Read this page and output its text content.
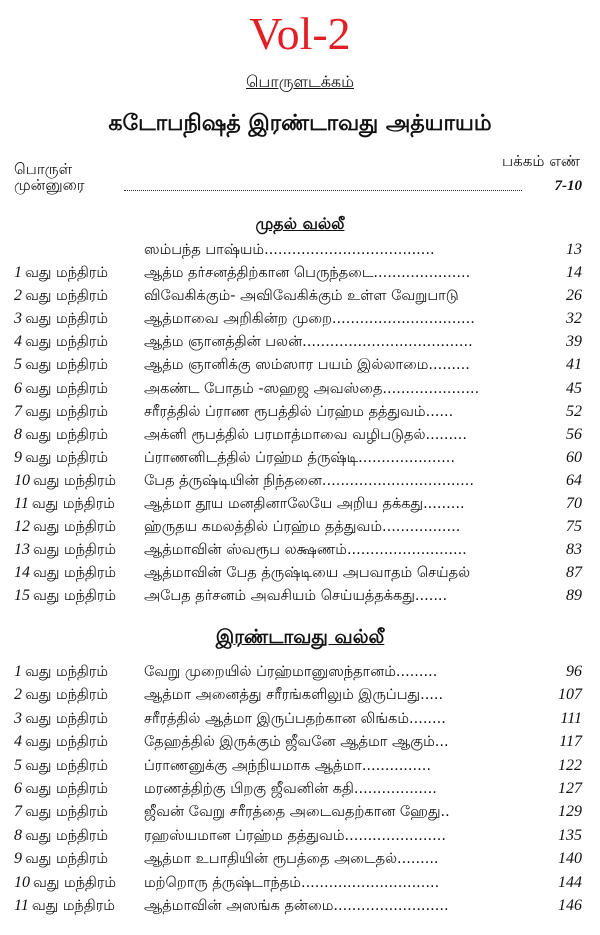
Vol-2
பொருளடக்கம்
கடோபநிஷத் இரண்டாவது அத்யாயம்
பொருள்	பக்கம் எண்
முன்னுரை	7-10
முதல் வல்லீ
ஸம்பந்த பாஷ்யம்.....................................	13
1 வது மந்திரம் ஆத்ம தர்சனத்திற்கான பெருந்தடை.....................	14
2 வது மந்திரம் விவேகிக்கும்- அவிவேகிக்கும் உள்ள வேறுபாடு	26
3 வது மந்திரம் ஆத்மாவை அறிகின்ற முறை...............................	32
4 வது மந்திரம் ஆத்ம ஞானத்தின் பலன்.....................................	39
5 வது மந்திரம் ஆத்ம ஞானிக்கு ஸம்ஸார பயம் இல்லாமை.........	41
6 வது மந்திரம் அகண்ட போதம் -ஸஹஜ அவஸ்தை.....................	45
7 வது மந்திரம் சரீரத்தில் ப்ராண ரூபத்தில் ப்ரஹ்ம தத்துவம்......	52
8 வது மந்திரம் அக்னி ரூபத்தில் பரமாத்மாவை வழிபடுதல்.........	56
9 வது மந்திரம் ப்ராணனிடத்தில் ப்ரஹ்ம த்ருஷ்டி.....................	60
10 வது மந்திரம் பேத த்ருஷ்டியின் நிந்தனை.................................	64
11 வது மந்திரம் ஆத்மா தூய மனதினாலேயே அறிய தக்கது.........	70
12 வது மந்திரம் ஹ்ருதய கமலத்தில் ப்ரஹ்ம தத்துவம்.................	75
13 வது மந்திரம் ஆத்மாவின் ஸ்வரூப லக்ஷணம்..........................	83
14 வது மந்திரம் ஆத்மாவின் பேத த்ருஷ்டியை அபவாதம் செய்தல்	87
15 வது மந்திரம் அபேத தர்சனம் அவசியம் செய்யத்தக்கது.......	89
இரண்டாவது வல்லீ
1 வது மந்திரம் வேறு முறையில் ப்ரஹ்மானுஸந்தானம்.........	96
2 வது மந்திரம் ஆத்மா அனைத்து சரீரங்களிலும் இருப்பது.....	107
3 வது மந்திரம் சரீரத்தில் ஆத்மா இருப்பதற்கான லிங்கம்........	111
4 வது மந்திரம் தேஹத்தில் இருக்கும் ஜீவனே ஆத்மா ஆகும்...	117
5 வது மந்திரம் ப்ராணனுக்கு அந்நியமாக ஆத்மா...............	122
6 வது மந்திரம் மரணத்திற்கு பிறகு ஜீவனின் கதி..................	127
7 வது மந்திரம் ஜீவன் வேறு சரீரத்தை அடைவதற்கான ஹேது..	129
8 வது மந்திரம் ரஹஸ்யமான ப்ரஹ்ம தத்துவம்......................	135
9 வது மந்திரம் ஆத்மா உபாதியின் ரூபத்தை அடைதல்.........	140
10 வது மந்திரம் மற்றொரு த்ருஷ்டாந்தம்..............................	144
11 வது மந்திரம் ஆத்மாவின் அஸங்க தன்மை.........................	146
